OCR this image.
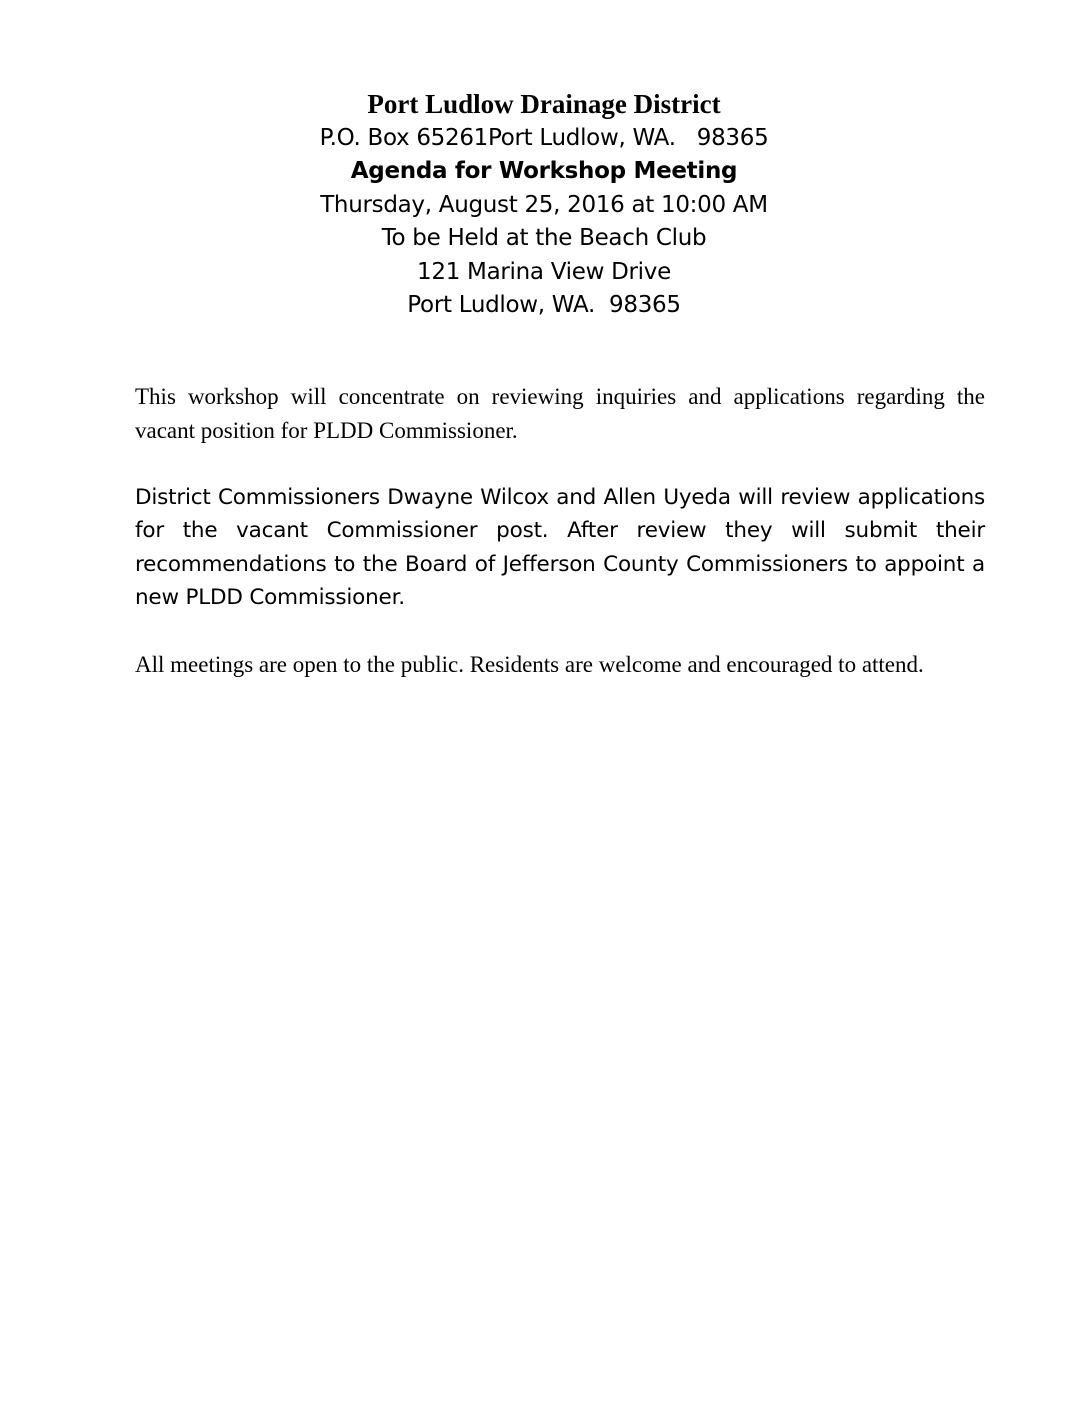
Port Ludlow Drainage District
P.O. Box 65261Port Ludlow, WA.   98365
Agenda for Workshop Meeting
Thursday, August 25, 2016 at 10:00 AM
To be Held at the Beach Club
121 Marina View Drive
Port Ludlow, WA.  98365

This workshop will concentrate on reviewing inquiries and applications regarding the vacant position for PLDD Commissioner.

District Commissioners Dwayne Wilcox and Allen Uyeda will review applications for the vacant Commissioner post. After review they will submit their recommendations to the Board of Jefferson County Commissioners to appoint a new PLDD Commissioner.

All meetings are open to the public. Residents are welcome and encouraged to attend.
